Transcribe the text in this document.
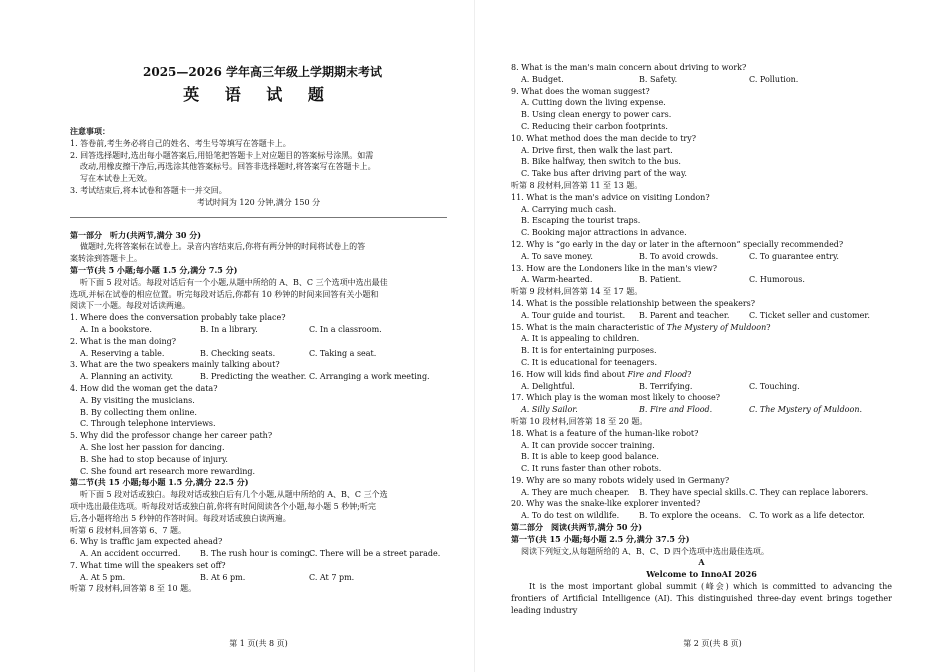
2025—2026 学年高三年级上学期期末考试
英 语 试 题
注意事项：
1. 答卷前,考生务必将自己的姓名、考生号等填写在答题卡上。
2. 回答选择题时,选出每小题答案后,用铅笔把答题卡上对应题目的答案标号涂黑。如需
改动,用橡皮擦干净后,再选涂其他答案标号。回答非选择题时,将答案写在答题卡上。
写在本试卷上无效。
3. 考试结束后,将本试卷和答题卡一并交回。
考试时间为 120 分钟,满分 150 分
第一部分　听力(共两节,满分 30 分)
做题时,先将答案标在试卷上。录音内容结束后,你将有两分钟的时间将试卷上的答
案转涂到答题卡上。
第一节(共 5 小题;每小题 1.5 分,满分 7.5 分)
听下面 5 段对话。每段对话后有一个小题,从题中所给的 A、B、C 三个选项中选出最佳
选项,并标在试卷的相应位置。听完每段对话后,你都有 10 秒钟的时间来回答有关小题和
阅读下一小题。每段对话读两遍。
1. Where does the conversation probably take place?
A. In a bookstore.	B. In a library.	C. In a classroom.
2. What is the man doing?
A. Reserving a table.	B. Checking seats.	C. Taking a seat.
3. What are the two speakers mainly talking about?
A. Planning an activity.	B. Predicting the weather. C. Arranging a work meeting.
4. How did the woman get the data?
A. By visiting the musicians.
B. By collecting them online.
C. Through telephone interviews.
5. Why did the professor change her career path?
A. She lost her passion for dancing.
B. She had to stop because of injury.
C. She found art research more rewarding.
第二节(共 15 小题;每小题 1.5 分,满分 22.5 分)
听下面 5 段对话或独白。每段对话或独白后有几个小题,从题中所给的 A、B、C 三个选
项中选出最佳选项。听每段对话或独白前,你将有时间阅读各个小题,每小题 5 秒钟;听完
后,各小题将给出 5 秒钟的作答时间。每段对话或独白读两遍。
听第 6 段材料,回答第 6、7 题。
6. Why is traffic jam expected ahead?
A. An accident occurred.	B. The rush hour is coming.
C. There will be a street parade.
7. What time will the speakers set off?
A. At 5 pm.	B. At 6 pm.	C. At 7 pm.
听第 7 段材料,回答第 8 至 10 题。
第 1 页(共 8 页)
8. What is the man's main concern about driving to work?
A. Budget.	B. Safety.	C. Pollution.
9. What does the woman suggest?
A. Cutting down the living expense.
B. Using clean energy to power cars.
C. Reducing their carbon footprints.
10. What method does the man decide to try?
A. Drive first, then walk the last part.
B. Bike halfway, then switch to the bus.
C. Take bus after driving part of the way.
听第 8 段材料,回答第 11 至 13 题。
11. What is the man's advice on visiting London?
A. Carrying much cash.
B. Escaping the tourist traps.
C. Booking major attractions in advance.
12. Why is “go early in the day or later in the afternoon” specially recommended?
A. To save money.	B. To avoid crowds.	C. To guarantee entry.
13. How are the Londoners like in the man's view?
A. Warm-hearted.	B. Patient.	C. Humorous.
听第 9 段材料,回答第 14 至 17 题。
14. What is the possible relationship between the speakers?
A. Tour guide and tourist.	B. Parent and teacher.	C. Ticket seller and customer.
15. What is the main characteristic of The Mystery of Muldoon?
A. It is appealing to children.
B. It is for entertaining purposes.
C. It is educational for teenagers.
16. How will kids find about Fire and Flood?
A. Delightful.	B. Terrifying.	C. Touching.
17. Which play is the woman most likely to choose?
A. Silly Sailor.	B. Fire and Flood.	C. The Mystery of Muldoon.
听第 10 段材料,回答第 18 至 20 题。
18. What is a feature of the human-like robot?
A. It can provide soccer training.
B. It is able to keep good balance.
C. It runs faster than other robots.
19. Why are so many robots widely used in Germany?
A. They are much cheaper.	B. They have special skills. C. They can replace laborers.
20. Why was the snake-like explorer invented?
A. To do test on wildlife.	B. To explore the oceans. C. To work as a life detector.
第二部分　阅读(共两节,满分 50 分)
第一节(共 15 小题;每小题 2.5 分,满分 37.5 分)
阅读下列短文,从每题所给的 A、B、C、D 四个选项中选出最佳选项。
A
Welcome to InnoAI 2026
It is the most important global summit (峰会) which is committed to advancing the frontiers of Artificial Intelligence (AI). This distinguished three-day event brings together leading industry
第 2 页(共 8 页)
